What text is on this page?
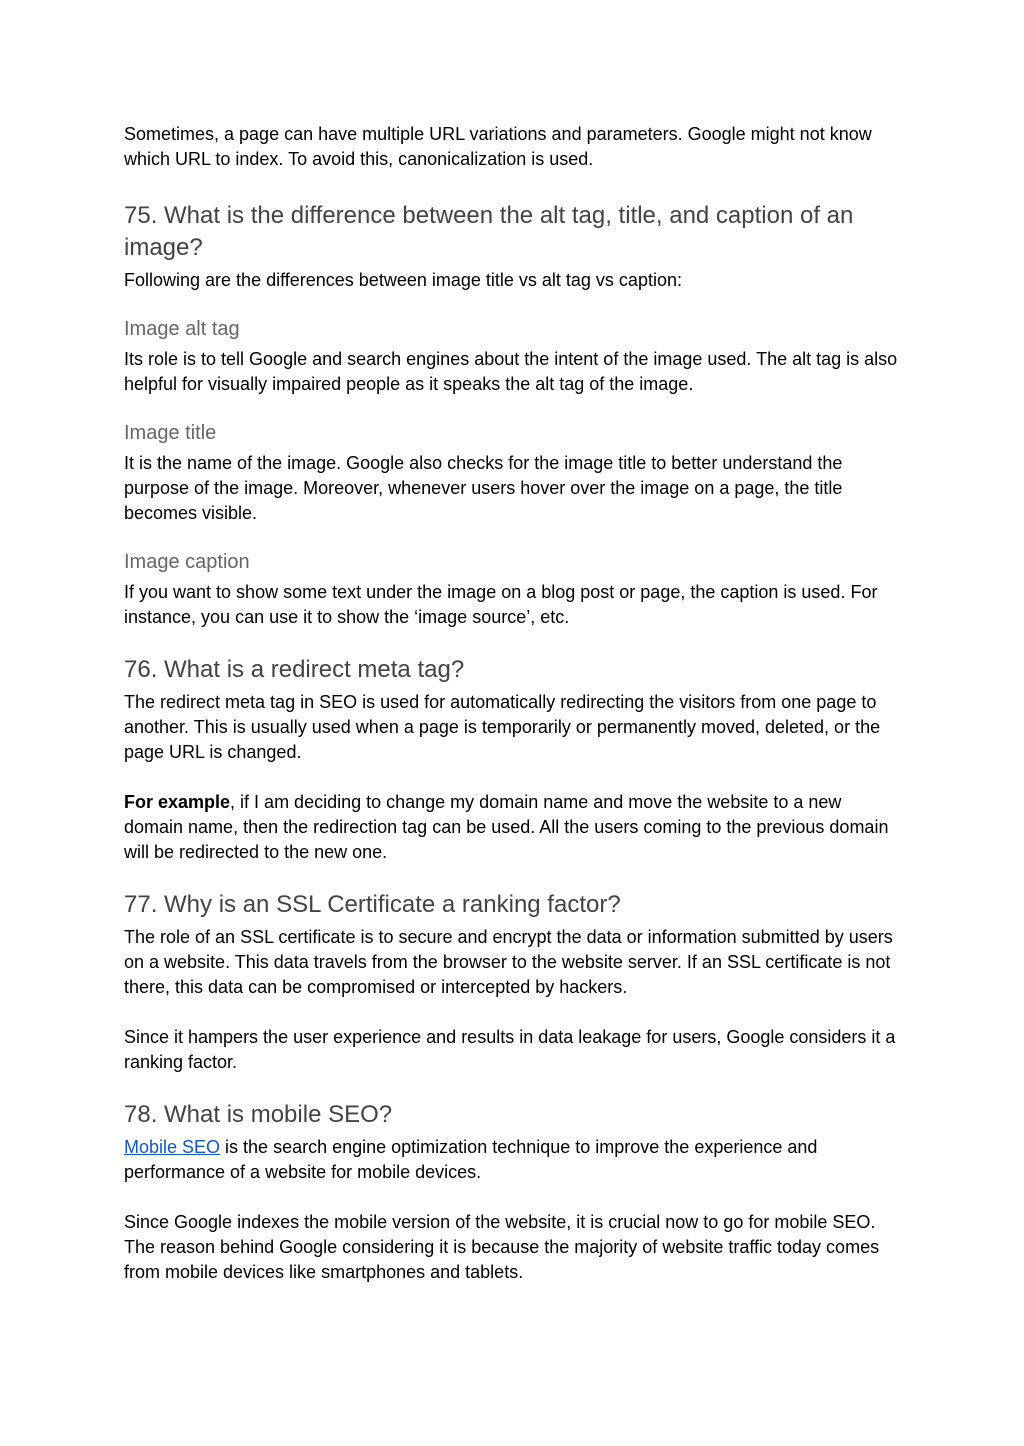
Sometimes, a page can have multiple URL variations and parameters. Google might not know which URL to index. To avoid this, canonicalization is used.

75. What is the difference between the alt tag, title, and caption of an image?

Following are the differences between image title vs alt tag vs caption:

Image alt tag

Its role is to tell Google and search engines about the intent of the image used. The alt tag is also helpful for visually impaired people as it speaks the alt tag of the image.

Image title

It is the name of the image. Google also checks for the image title to better understand the purpose of the image. Moreover, whenever users hover over the image on a page, the title becomes visible.

Image caption

If you want to show some text under the image on a blog post or page, the caption is used. For instance, you can use it to show the ‘image source’, etc.

76. What is a redirect meta tag?

The redirect meta tag in SEO is used for automatically redirecting the visitors from one page to another. This is usually used when a page is temporarily or permanently moved, deleted, or the page URL is changed.

For example, if I am deciding to change my domain name and move the website to a new domain name, then the redirection tag can be used. All the users coming to the previous domain will be redirected to the new one.

77. Why is an SSL Certificate a ranking factor?

The role of an SSL certificate is to secure and encrypt the data or information submitted by users on a website. This data travels from the browser to the website server. If an SSL certificate is not there, this data can be compromised or intercepted by hackers.

Since it hampers the user experience and results in data leakage for users, Google considers it a ranking factor.

78. What is mobile SEO?

Mobile SEO is the search engine optimization technique to improve the experience and performance of a website for mobile devices.

Since Google indexes the mobile version of the website, it is crucial now to go for mobile SEO. The reason behind Google considering it is because the majority of website traffic today comes from mobile devices like smartphones and tablets.
